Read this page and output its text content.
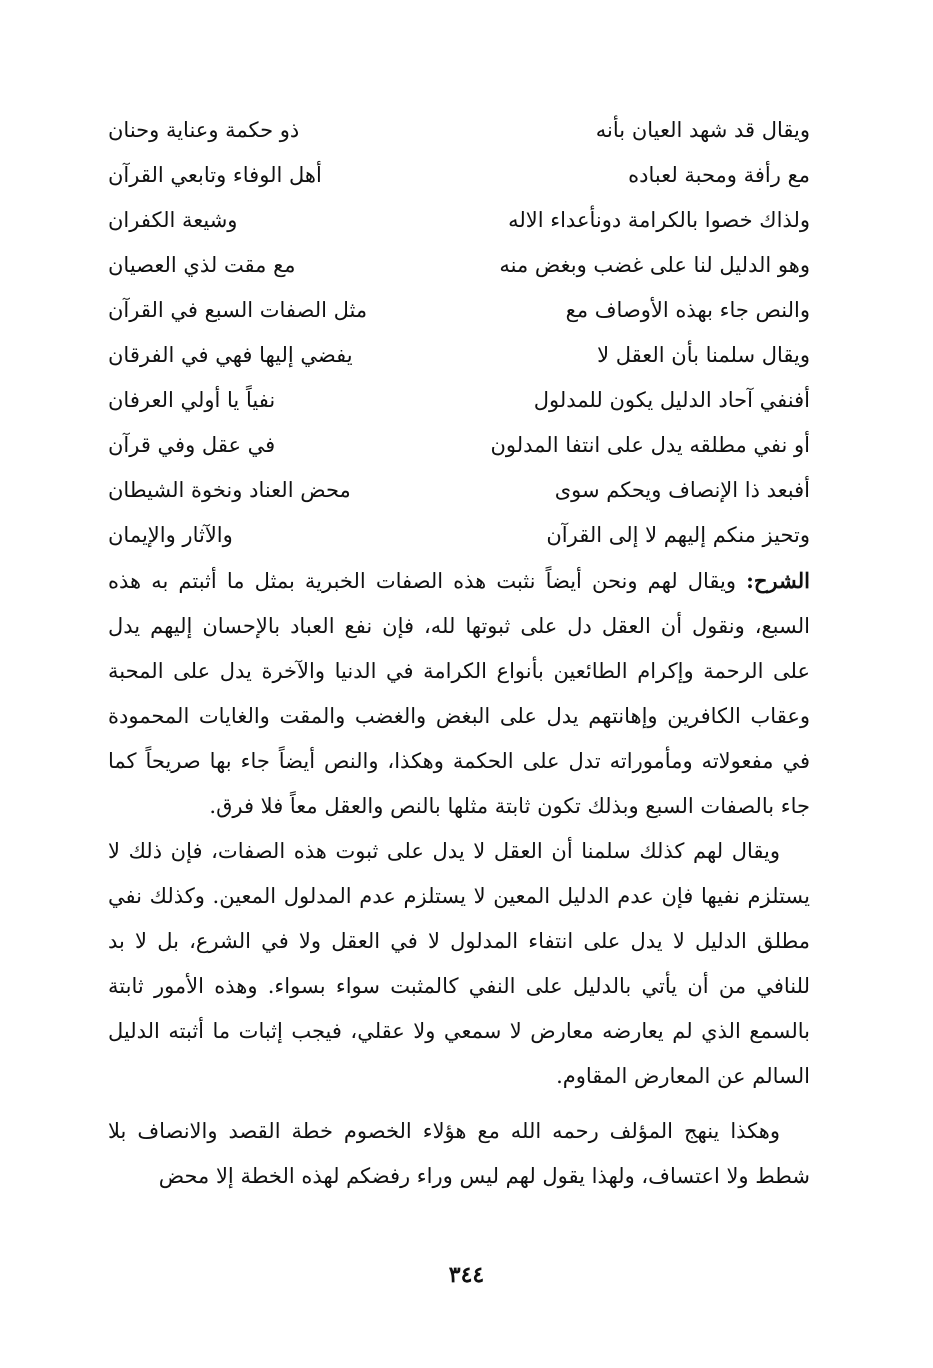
ويقال قد شهد العيان بأنه
ذو حكمة وعناية وحنان
مع رأفة ومحبة لعباده
أهل الوفاء وتابعي القرآن
ولذاك خصوا بالكرامة دونأعداء الاله
وشيعة الكفران
وهو الدليل لنا على غضب وبغض منه
مع مقت لذي العصيان
والنص جاء بهذه الأوصاف مع
مثل الصفات السبع في القرآن
ويقال سلمنا بأن العقل لا
يفضي إليها فهي في الفرقان
أفنفي آحاد الدليل يكون للمدلول
نفياً يا أولي العرفان
أو نفي مطلقه يدل على انتفا المدلون
في عقل وفي قرآن
أفبعد ذا الإنصاف ويحكم سوى
محض العناد ونخوة الشيطان
وتحيز منكم إليهم لا إلى القرآن
والآثار والإيمان

الشرح: ويقال لهم ونحن أيضاً نثبت هذه الصفات الخبرية بمثل ما أثبتم به هذه السبع، ونقول أن العقل دل على ثبوتها لله، فإن نفع العباد بالإحسان إليهم يدل على الرحمة وإكرام الطائعين بأنواع الكرامة في الدنيا والآخرة يدل على المحبة وعقاب الكافرين وإهانتهم يدل على البغض والغضب والمقت والغايات المحمودة في مفعولاته ومأموراته تدل على الحكمة وهكذا، والنص أيضاً جاء بها صريحاً كما جاء بالصفات السبع وبذلك تكون ثابتة مثلها بالنص والعقل معاً فلا فرق.

ويقال لهم كذلك سلمنا أن العقل لا يدل على ثبوت هذه الصفات، فإن ذلك لا يستلزم نفيها فإن عدم الدليل المعين لا يستلزم عدم المدلول المعين. وكذلك نفي مطلق الدليل لا يدل على انتفاء المدلول لا في العقل ولا في الشرع، بل لا بد للنافي من أن يأتي بالدليل على النفي كالمثبت سواء بسواء. وهذه الأمور ثابتة بالسمع الذي لم يعارضه معارض لا سمعي ولا عقلي، فيجب إثبات ما أثبته الدليل السالم عن المعارض المقاوم.

وهكذا ينهج المؤلف رحمه الله مع هؤلاء الخصوم خطة القصد والانصاف بلا شطط ولا اعتساف، ولهذا يقول لهم ليس وراء رفضكم لهذه الخطة إلا محض

٣٤٤
